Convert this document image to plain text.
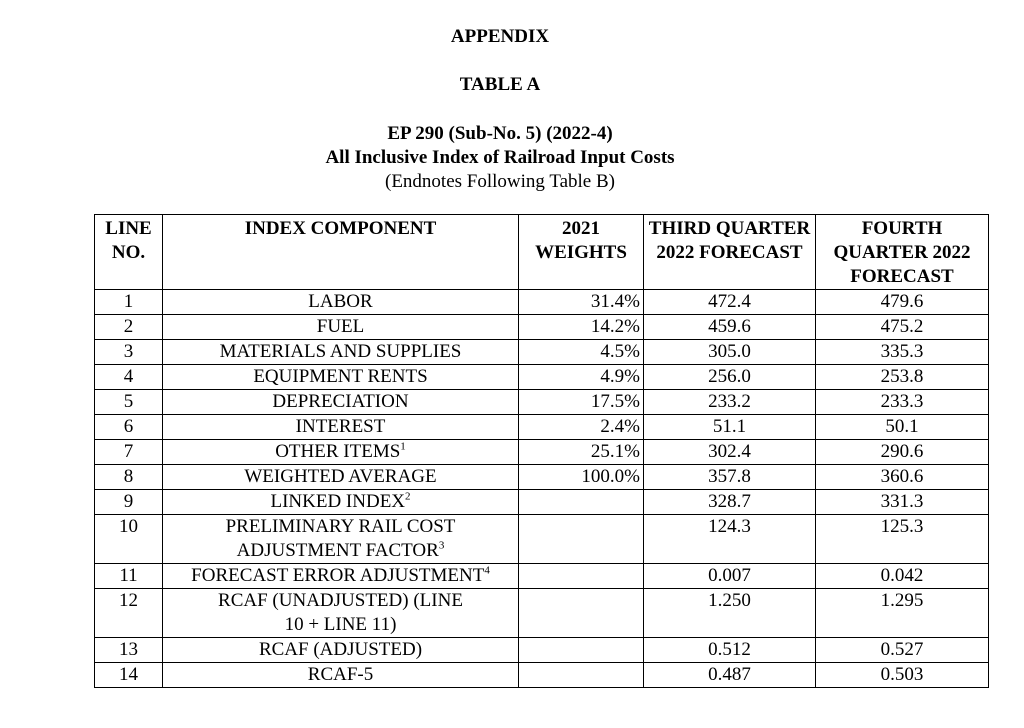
APPENDIX
TABLE A
EP 290 (Sub-No. 5) (2022-4)
All Inclusive Index of Railroad Input Costs
(Endnotes Following Table B)
LINE NO.	INDEX COMPONENT	2021 WEIGHTS	THIRD QUARTER 2022 FORECAST	FOURTH QUARTER 2022 FORECAST
1	LABOR	31.4%	472.4	479.6
2	FUEL	14.2%	459.6	475.2
3	MATERIALS AND SUPPLIES	4.5%	305.0	335.3
4	EQUIPMENT RENTS	4.9%	256.0	253.8
5	DEPRECIATION	17.5%	233.2	233.3
6	INTEREST	2.4%	51.1	50.1
7	OTHER ITEMS$^1$	25.1%	302.4	290.6
8	WEIGHTED AVERAGE	100.0%	357.8	360.6
9	LINKED INDEX$^2$		328.7	331.3
10	PRELIMINARY RAIL COST ADJUSTMENT FACTOR$^3$		124.3	125.3
11	FORECAST ERROR ADJUSTMENT$^4$		0.007	0.042
12	RCAF (UNADJUSTED) (LINE 10 + LINE 11)		1.250	1.295
13	RCAF (ADJUSTED)		0.512	0.527
14	RCAF-5		0.487	0.503
